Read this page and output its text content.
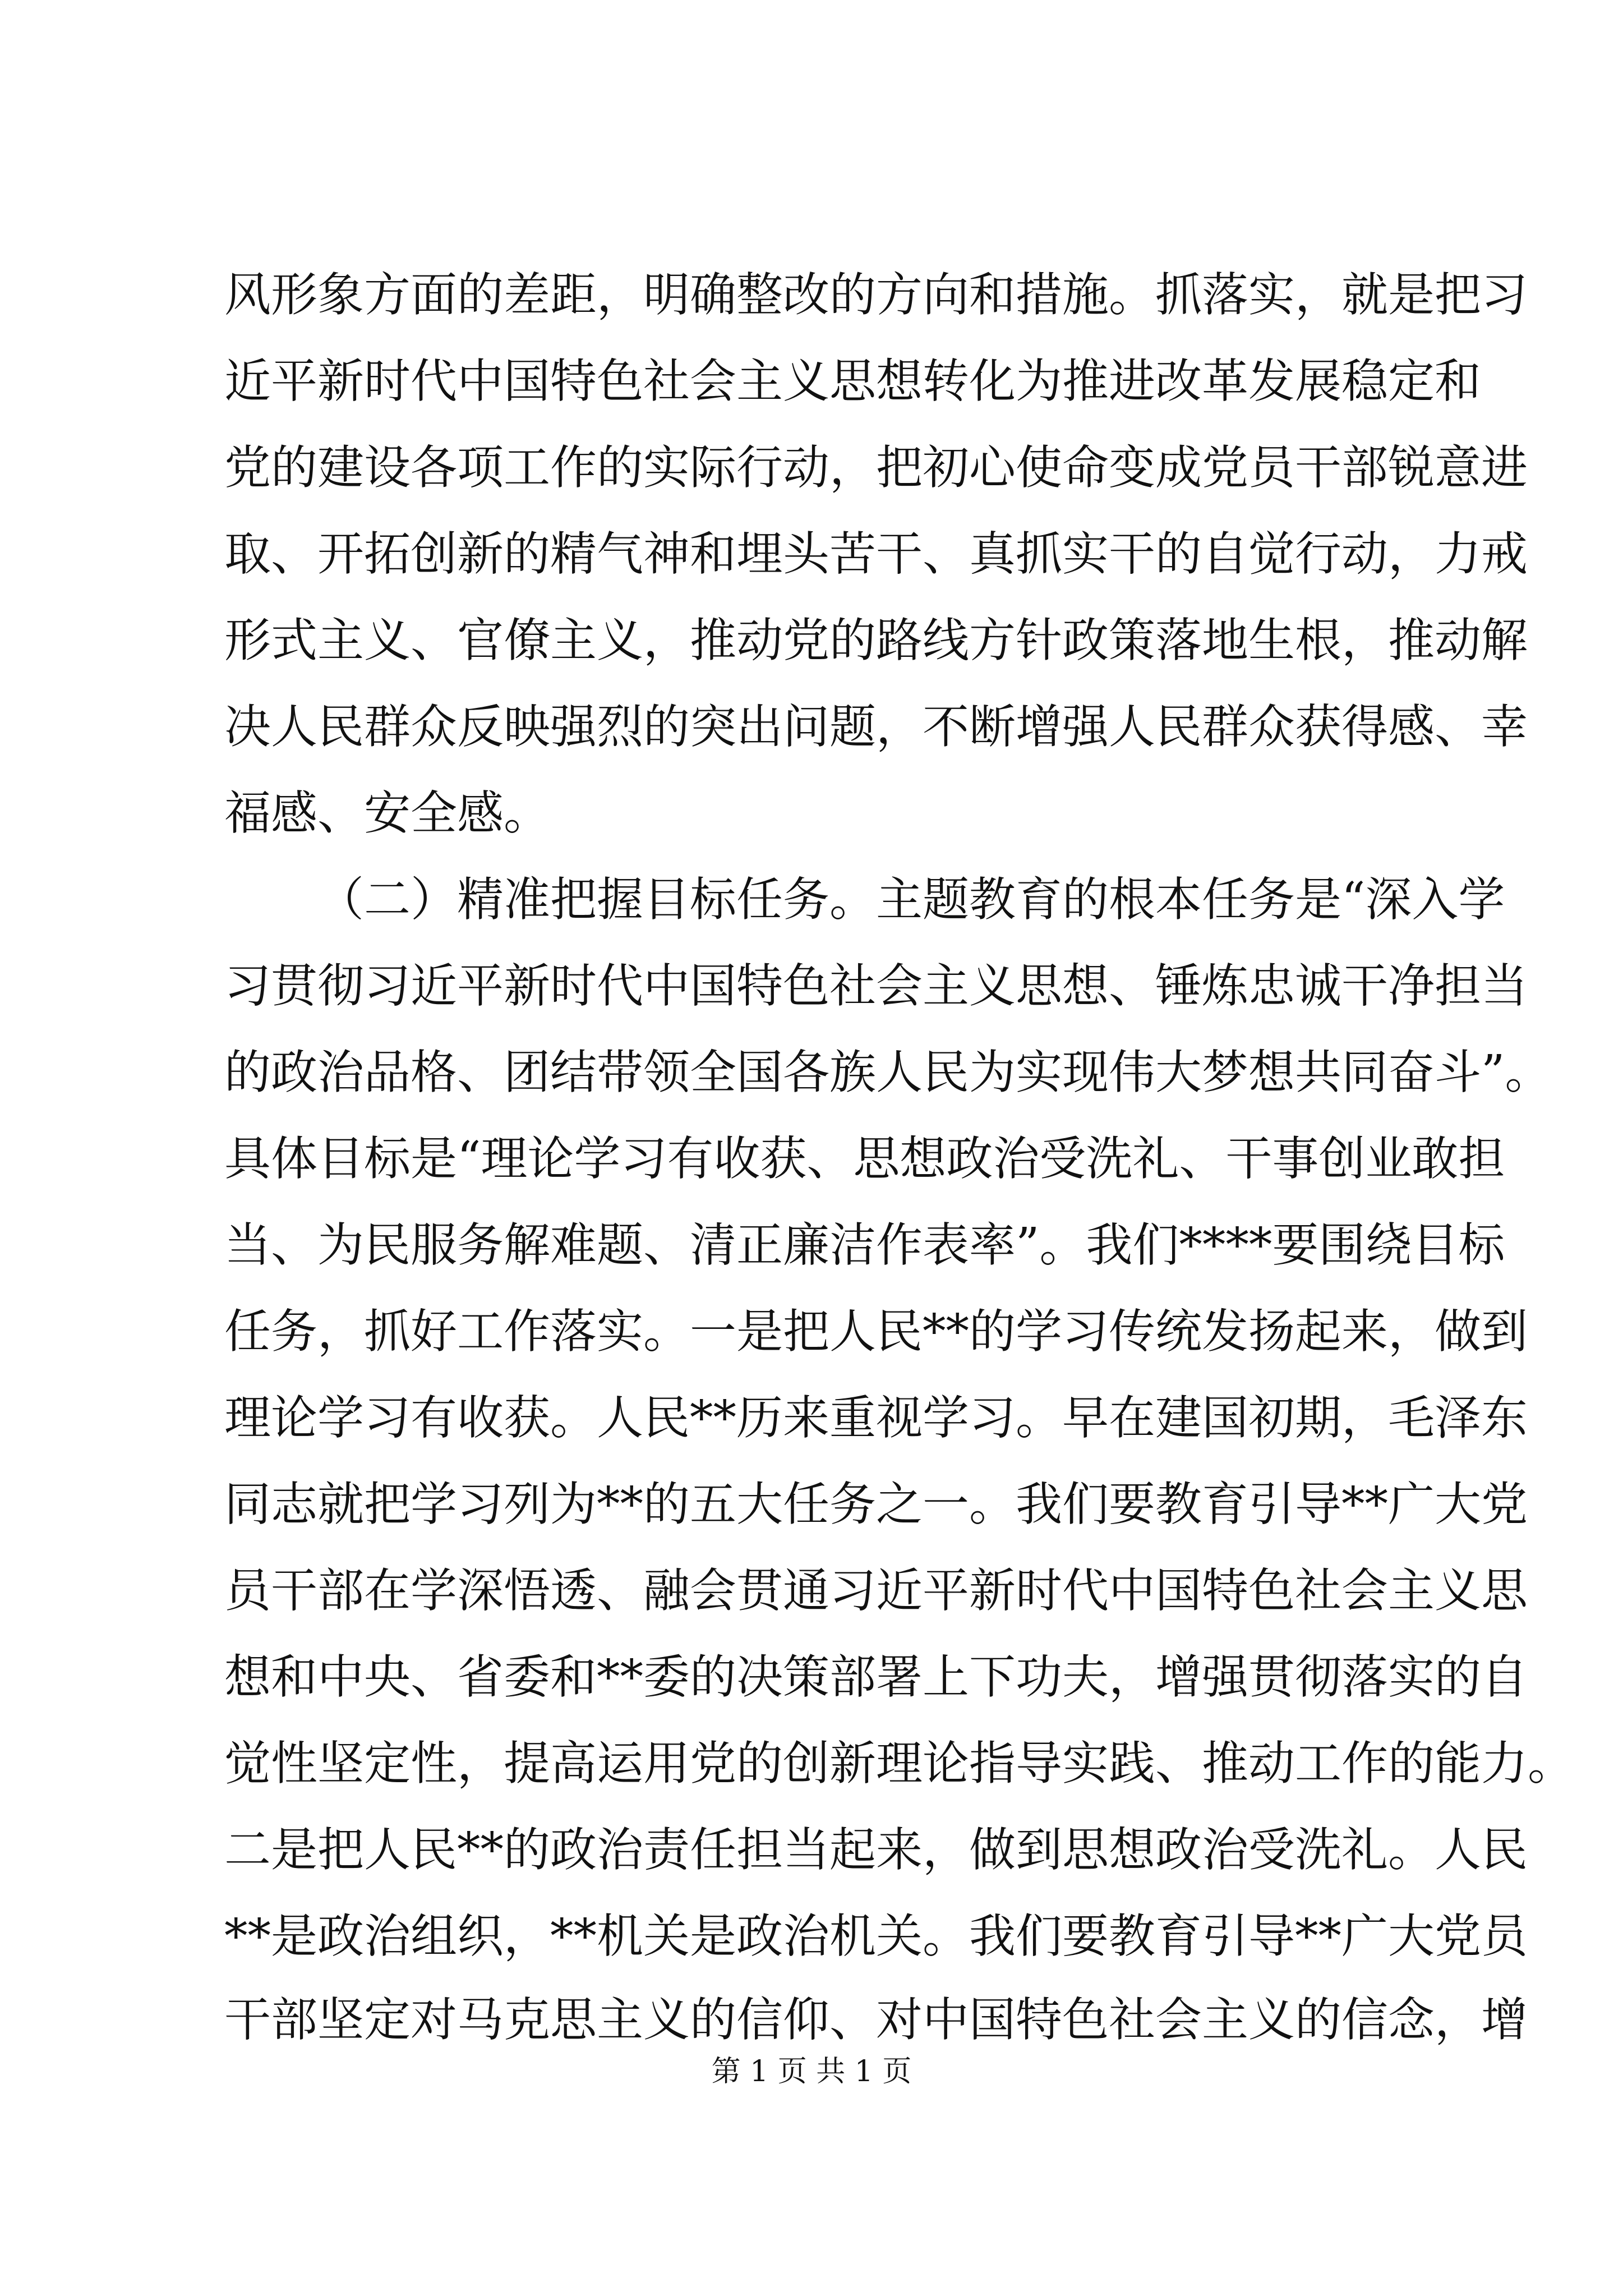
风形象方面的差距，明确整改的方向和措施。抓落实，就是把习
近平新时代中国特色社会主义思想转化为推进改革发展稳定和
党的建设各项工作的实际行动，把初心使命变成党员干部锐意进
取、开拓创新的精气神和埋头苦干、真抓实干的自觉行动，力戒
形式主义、官僚主义，推动党的路线方针政策落地生根，推动解
决人民群众反映强烈的突出问题，不断增强人民群众获得感、幸
福感、安全感。
（二）精准把握目标任务。主题教育的根本任务是“深入学
习贯彻习近平新时代中国特色社会主义思想、锤炼忠诚干净担当
的政治品格、团结带领全国各族人民为实现伟大梦想共同奋斗”。
具体目标是“理论学习有收获、思想政治受洗礼、干事创业敢担
当、为民服务解难题、清正廉洁作表率”。我们****要围绕目标
任务，抓好工作落实。一是把人民**的学习传统发扬起来，做到
理论学习有收获。人民**历来重视学习。早在建国初期，毛泽东
同志就把学习列为**的五大任务之一。我们要教育引导**广大党
员干部在学深悟透、融会贯通习近平新时代中国特色社会主义思
想和中央、省委和**委的决策部署上下功夫，增强贯彻落实的自
觉性坚定性，提高运用党的创新理论指导实践、推动工作的能力。
二是把人民**的政治责任担当起来，做到思想政治受洗礼。人民
**是政治组织，**机关是政治机关。我们要教育引导**广大党员
干部坚定对马克思主义的信仰、对中国特色社会主义的信念，增
第 1 页 共 1 页
